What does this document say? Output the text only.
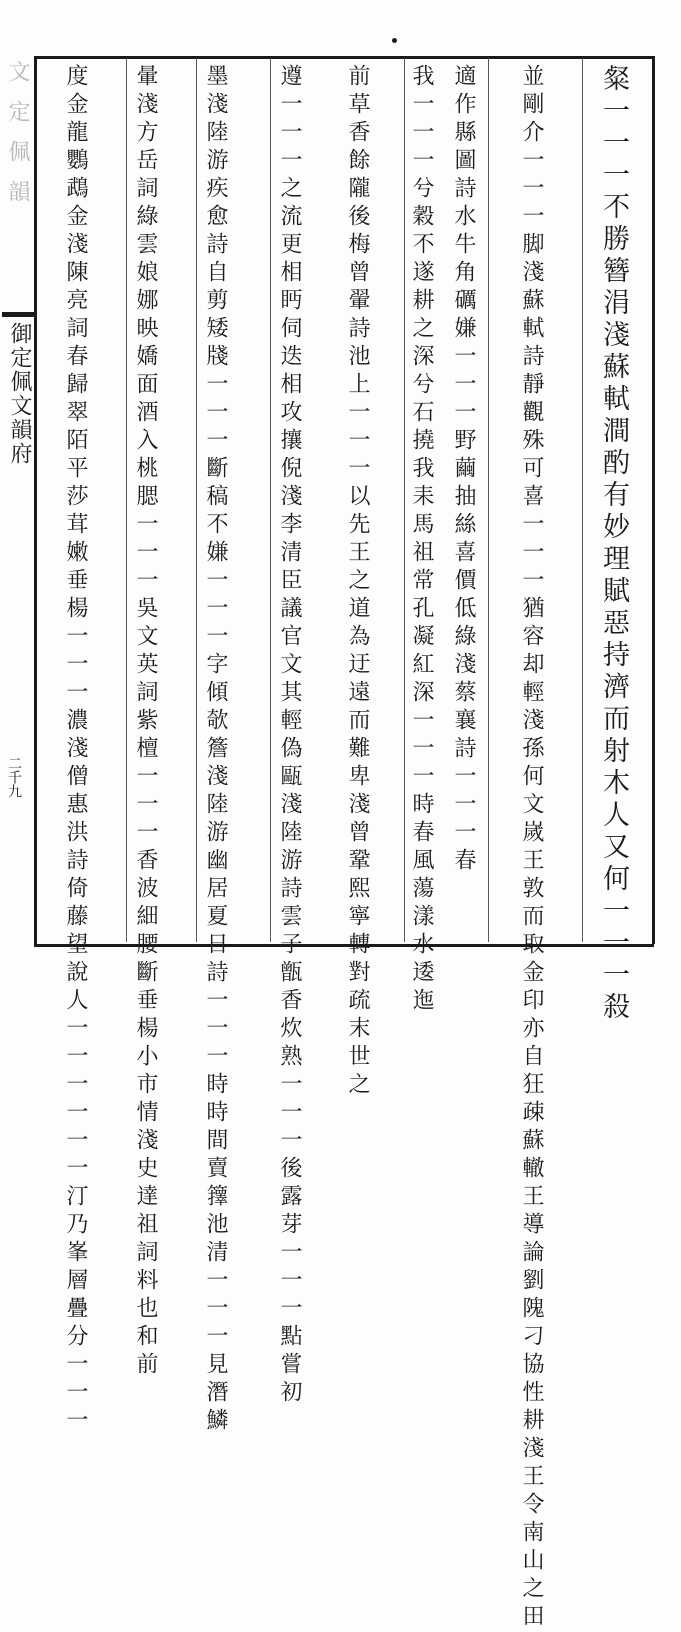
粲一一一不勝簪涓淺蘇軾澗酌有妙理賦惡持濟而射木人又何一一一殺
並剛介一一一脚淺蘇軾詩靜觀殊可喜一一一猶容却輕淺孫何文嵗王敦而取金印亦自狂疎蘇轍王導論劉隗刁協性耕淺王令南山之田
適作縣圖詩水牛角礪嫌一一一野繭抽絲喜價低綠淺蔡襄詩一一一春
我一一一兮穀不遂耕之深兮石撓我耒馬祖常孔凝紅深一一一時春風蕩漾水逶迤
前草香餘隴後梅曾翬詩池上一一一以先王之道為迂遠而難卑淺曾鞏熙寧轉對疏末世之
遵一一一之流更相眄伺迭相攻攘倪淺李清臣議官文其輕偽甌淺陸游詩雲子甑香炊熟一一一後露芽一一一點嘗初
墨淺陸游疾愈詩自剪矮牋一一一斷稿不嫌一一一字傾欹簷淺陸游幽居夏日詩一一一時時間賣籜池清一一一見潛鱗
暈淺方岳詞綠雲娘娜映嬌面酒入桃腮一一一吳文英詞紫檀一一一香波細腰斷垂楊小市情淺史達祖詞料也和前
度金龍鸚鵡金淺陳亮詞春歸翠陌平莎茸嫩垂楊一一一濃淺僧惠洪詩倚藤望說人一一一一一一汀乃峯層疊分一一一
文定佩韻
御定佩文韻府
二千九
